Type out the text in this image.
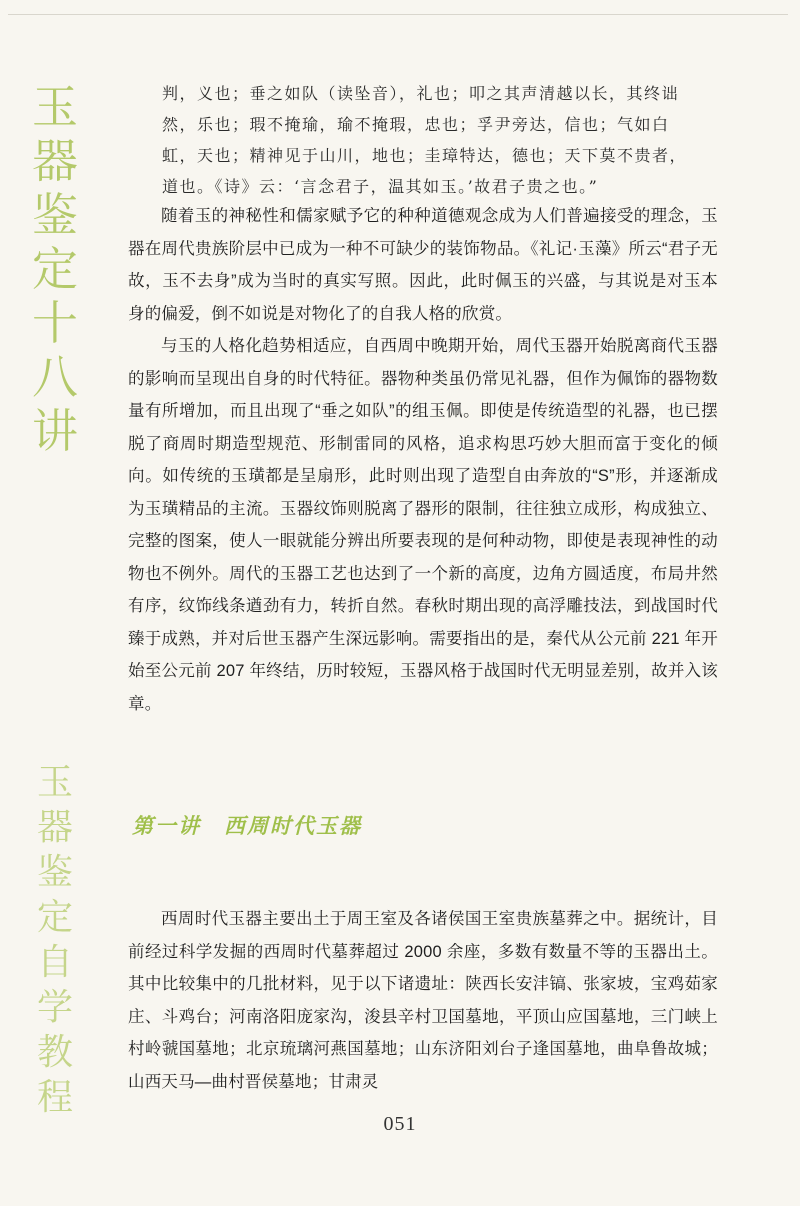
玉
器
鉴
定
十
八
讲

判，义也；垂之如队（读坠音），礼也；叩之其声清越以长，其终诎

然，乐也；瑕不掩瑜，瑜不掩瑕，忠也；孚尹旁达，信也；气如白

虹，天也；精神见于山川，地也；圭璋特达，德也；天下莫不贵者，

道也。《诗》云：‘言念君子，温其如玉。’故君子贵之也。”

随着玉的神秘性和儒家赋予它的种种道德观念成为人们普遍接受的理念，玉器在周代贵族阶层中已成为一种不可缺少的装饰物品。《礼记·玉藻》所云“君子无故，玉不去身”成为当时的真实写照。因此，此时佩玉的兴盛，与其说是对玉本身的偏爱，倒不如说是对物化了的自我人格的欣赏。

与玉的人格化趋势相适应，自西周中晚期开始，周代玉器开始脱离商代玉器的影响而呈现出自身的时代特征。器物种类虽仍常见礼器，但作为佩饰的器物数量有所增加，而且出现了“垂之如队”的组玉佩。即使是传统造型的礼器，也已摆脱了商周时期造型规范、形制雷同的风格，追求构思巧妙大胆而富于变化的倾向。如传统的玉璜都是呈扇形，此时则出现了造型自由奔放的“S”形，并逐渐成为玉璜精品的主流。玉器纹饰则脱离了器形的限制，往往独立成形，构成独立、完整的图案，使人一眼就能分辨出所要表现的是何种动物，即使是表现神性的动物也不例外。周代的玉器工艺也达到了一个新的高度，边角方圆适度，布局井然有序，纹饰线条遒劲有力，转折自然。春秋时期出现的高浮雕技法，到战国时代臻于成熟，并对后世玉器产生深远影响。需要指出的是，秦代从公元前 221 年开始至公元前 207 年终结，历时较短，玉器风格于战国时代无明显差别，故并入该章。

玉
器
鉴
定
自
学
教
程
第一讲　西周时代玉器

西周时代玉器主要出土于周王室及各诸侯国王室贵族墓葬之中。据统计，目前经过科学发掘的西周时代墓葬超过 2000 余座，多数有数量不等的玉器出土。其中比较集中的几批材料，见于以下诸遗址：陕西长安沣镐、张家坡，宝鸡茹家庄、斗鸡台；河南洛阳庞家沟，浚县辛村卫国墓地，平顶山应国墓地，三门峡上村岭虢国墓地；北京琉璃河燕国墓地；山东济阳刘台子逢国墓地，曲阜鲁故城；山西天马—曲村晋侯墓地；甘肃灵

051
